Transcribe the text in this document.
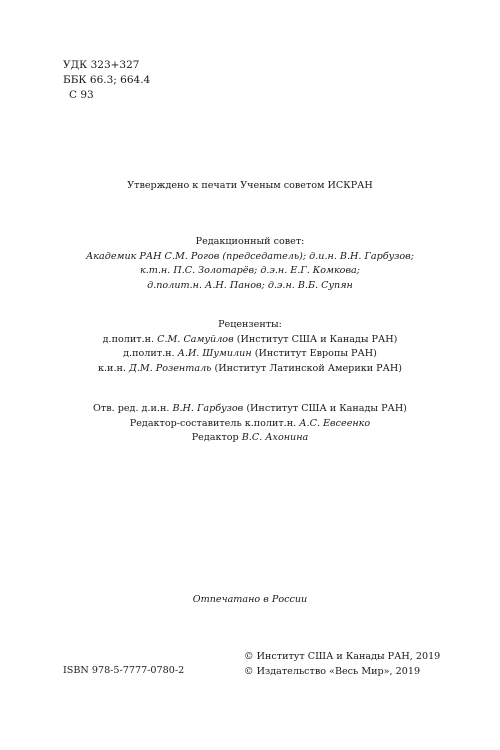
УДК 323+327
ББК 66.3; 664.4
С 93
Утверждено к печати Ученым советом ИСКРАН
Редакционный совет:
Академик РАН С.М. Рогов (председатель); д.и.н. В.Н. Гарбузов;
к.т.н. П.С. Золотарёв; д.э.н. Е.Г. Комкова;
д.полит.н. А.Н. Панов; д.э.н. В.Б. Супян
Рецензенты:
д.полит.н. С.М. Самуйлов (Институт США и Канады РАН)
д.полит.н. А.И. Шумилин (Институт Европы РАН)
к.и.н. Д.М. Розенталь (Институт Латинской Америки РАН)
Отв. ред. д.и.н. В.Н. Гарбузов (Институт США и Канады РАН)
Редактор-составитель к.полит.н. А.С. Евсеенко
Редактор В.С. Ахонина
Отпечатано в России
ISBN 978-5-7777-0780-2
© Институт США и Канады РАН, 2019
© Издательство «Весь Мир», 2019
